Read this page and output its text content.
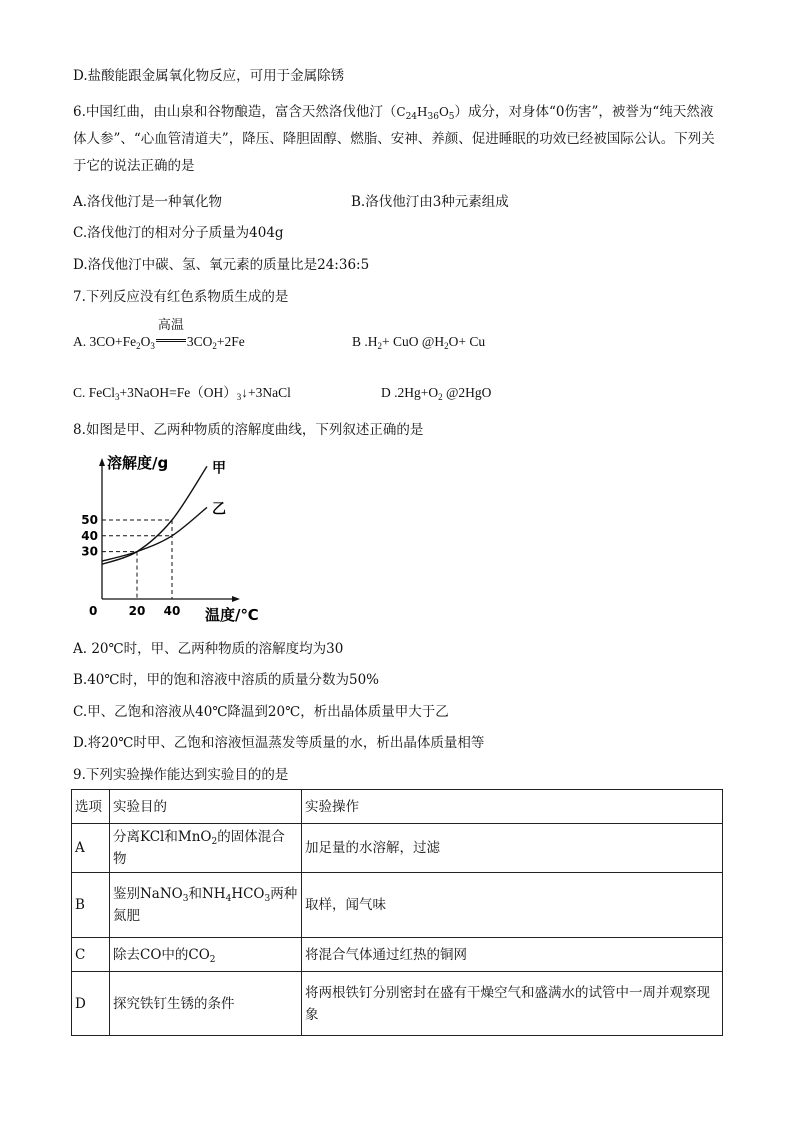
D.盐酸能跟金属氧化物反应，可用于金属除锈
6.中国红曲，由山泉和谷物酿造，富含天然洛伐他汀$(C_{24}H_{36}O_5)$成分，对身体“0伤害”，被誉为“纯天然液体人参”、“心血管清道夫”，降压、降胆固醇、燃脂、安神、养颜、促进睡眠的功效已经被国际公认。下列关于它的说法正确的是
A.洛伐他汀是一种氧化物	B.洛伐他汀由3种元素组成
C.洛伐他汀的相对分子质量为404g
D.洛伐他汀中碳、氢、氧元素的质量比是24:36:5
7.下列反应没有红色系物质生成的是
A. $3CO+Fe_2O_3$
高温
$3CO_2+2Fe$	B $.H_2+$ CuO $@H_2O+ Cu$
C. $FeCl_3+3NaOH=Fe(OH)_3↓+3NaCl$	D $.2Hg+O_2$ @2HgO
8.如图是甲、乙两种物质的溶解度曲线，下列叙述正确的是
溶解度/g
温度/℃
0	20 40
30
40
50
甲
乙
A. 20℃时，甲、乙两种物质的溶解度均为30
B.40℃时，甲的饱和溶液中溶质的质量分数为50%
C.甲、乙饱和溶液从40℃降温到20℃，析出晶体质量甲大于乙
D.将20℃时甲、乙饱和溶液恒温蒸发等质量的水，析出晶体质量相等
9.下列实验操作能达到实验目的的是
选项	实验目的	实验操作
A	分离KCl和MnO$_2$的固体混合物	加足量的水溶解，过滤
B	鉴别NaNO$_3$和$NH_4HCO_3$两种氮肥	取样，闻气味
C	除去CO中的$CO_2$	将混合气体通过红热的铜网
D	探究铁钉生锈的条件	将两根铁钉分别密封在盛有干燥空气和盛满水的试管中一周并观察现象
